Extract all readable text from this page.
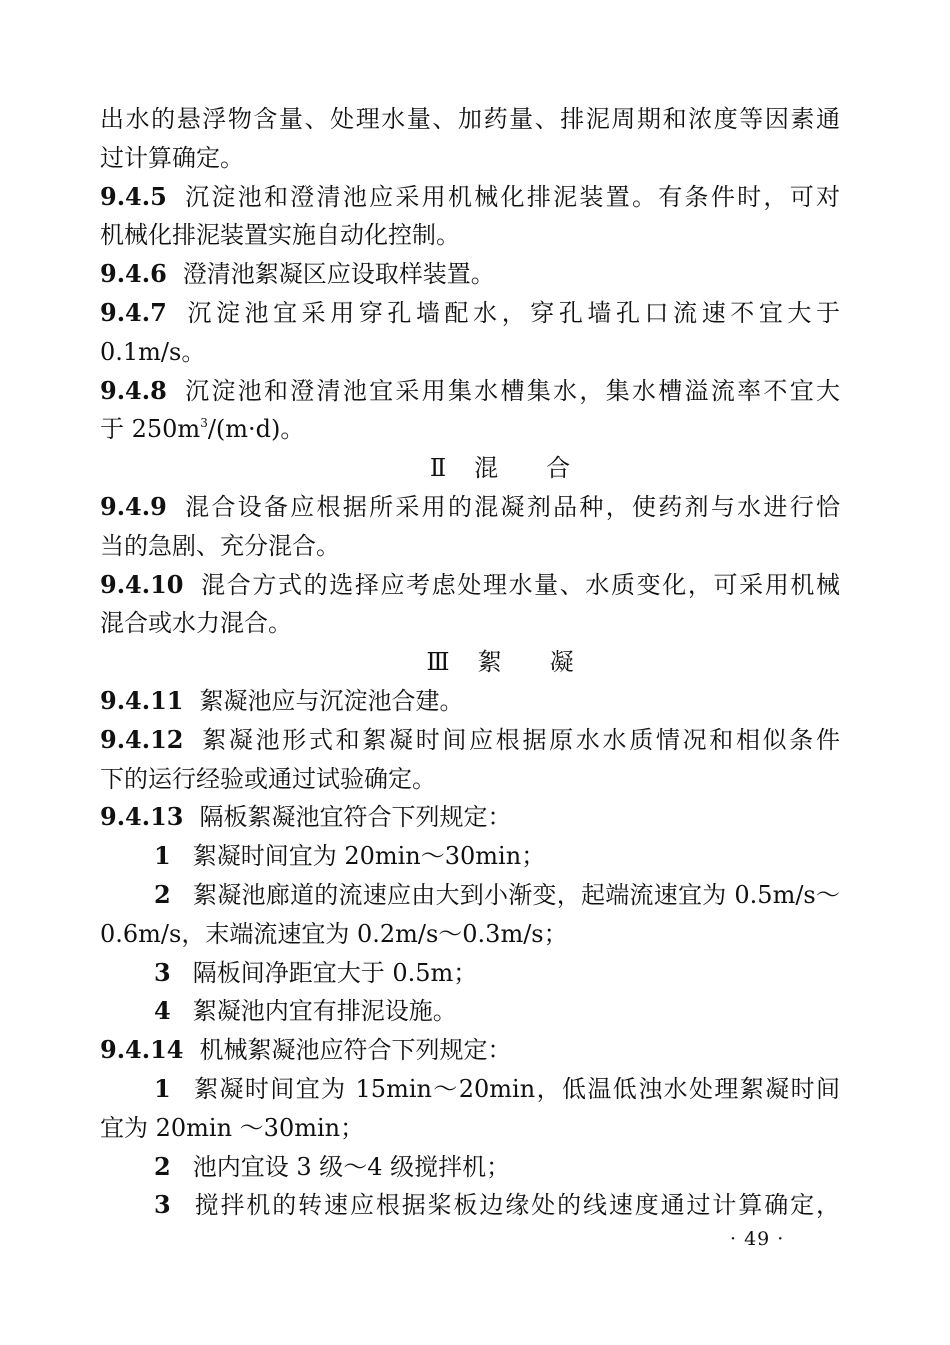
出水的悬浮物含量、处理水量、加药量、排泥周期和浓度等因素通
过计算确定。
9.4.5 沉淀池和澄清池应采用机械化排泥装置。有条件时，可对
机械化排泥装置实施自动化控制。
9.4.6 澄清池絮凝区应设取样装置。
9.4.7 沉淀池宜采用穿孔墙配水，穿孔墙孔口流速不宜大于
0.1m/s。
9.4.8 沉淀池和澄清池宜采用集水槽集水，集水槽溢流率不宜大
于 $250m^3/(m\cdot d)$。
Ⅱ 混 合
9.4.9 混合设备应根据所采用的混凝剂品种，使药剂与水进行恰
当的急剧、充分混合。
9.4.10 混合方式的选择应考虑处理水量、水质变化，可采用机械
混合或水力混合。
Ⅲ 絮 凝
9.4.11 絮凝池应与沉淀池合建。
9.4.12 絮凝池形式和絮凝时间应根据原水水质情况和相似条件
下的运行经验或通过试验确定。
9.4.13 隔板絮凝池宜符合下列规定：
1 絮凝时间宜为 20min～30min；
2 絮凝池廊道的流速应由大到小渐变，起端流速宜为 0.5m/s～
0.6m/s，末端流速宜为 0.2m/s～0.3m/s；
3 隔板间净距宜大于 0.5m；
4 絮凝池内宜有排泥设施。
9.4.14 机械絮凝池应符合下列规定：
1 絮凝时间宜为 15min～20min，低温低浊水处理絮凝时间
宜为 20min ～30min；
2 池内宜设 3 级～4 级搅拌机；
3 搅拌机的转速应根据桨板边缘处的线速度通过计算确定，
· 49 ·
